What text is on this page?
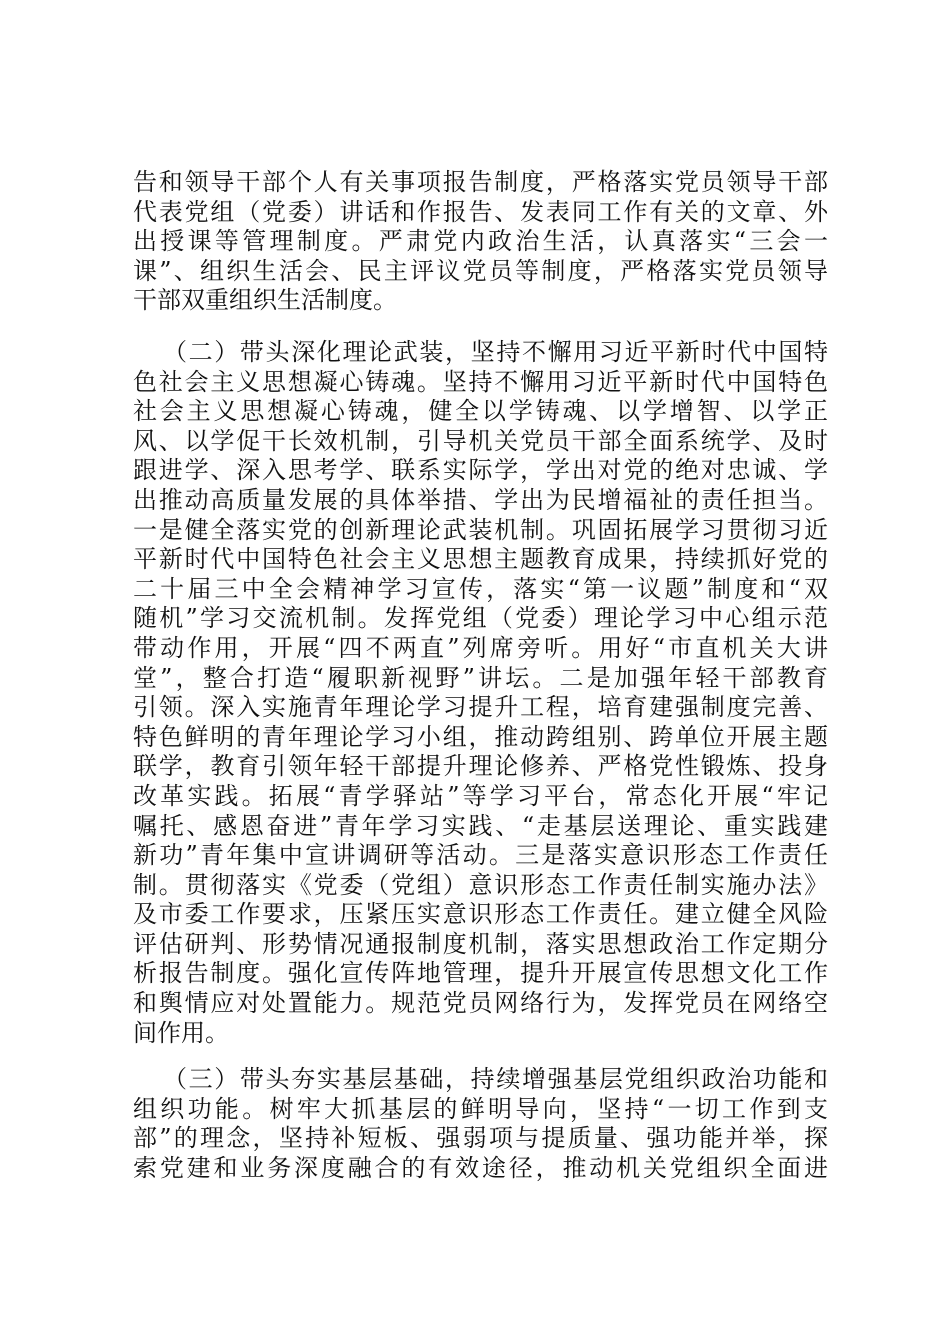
告和领导干部个人有关事项报告制度，严格落实党员领导干部
代表党组（党委）讲话和作报告、发表同工作有关的文章、外
出授课等管理制度。严肃党内政治生活，认真落实“三会一
课”、组织生活会、民主评议党员等制度，严格落实党员领导
干部双重组织生活制度。
（二）带头深化理论武装，坚持不懈用习近平新时代中国特
色社会主义思想凝心铸魂。坚持不懈用习近平新时代中国特色
社会主义思想凝心铸魂，健全以学铸魂、以学增智、以学正
风、以学促干长效机制，引导机关党员干部全面系统学、及时
跟进学、深入思考学、联系实际学，学出对党的绝对忠诚、学
出推动高质量发展的具体举措、学出为民增福祉的责任担当。
一是健全落实党的创新理论武装机制。巩固拓展学习贯彻习近
平新时代中国特色社会主义思想主题教育成果，持续抓好党的
二十届三中全会精神学习宣传，落实“第一议题”制度和“双
随机”学习交流机制。发挥党组（党委）理论学习中心组示范
带动作用，开展“四不两直”列席旁听。用好“市直机关大讲
堂”，整合打造“履职新视野”讲坛。二是加强年轻干部教育
引领。深入实施青年理论学习提升工程，培育建强制度完善、
特色鲜明的青年理论学习小组，推动跨组别、跨单位开展主题
联学，教育引领年轻干部提升理论修养、严格党性锻炼、投身
改革实践。拓展“青学驿站”等学习平台，常态化开展“牢记
嘱托、感恩奋进”青年学习实践、“走基层送理论、重实践建
新功”青年集中宣讲调研等活动。三是落实意识形态工作责任
制。贯彻落实《党委（党组）意识形态工作责任制实施办法》
及市委工作要求，压紧压实意识形态工作责任。建立健全风险
评估研判、形势情况通报制度机制，落实思想政治工作定期分
析报告制度。强化宣传阵地管理，提升开展宣传思想文化工作
和舆情应对处置能力。规范党员网络行为，发挥党员在网络空
间作用。
（三）带头夯实基层基础，持续增强基层党组织政治功能和
组织功能。树牢大抓基层的鲜明导向，坚持“一切工作到支
部”的理念，坚持补短板、强弱项与提质量、强功能并举，探
索党建和业务深度融合的有效途径，推动机关党组织全面进
